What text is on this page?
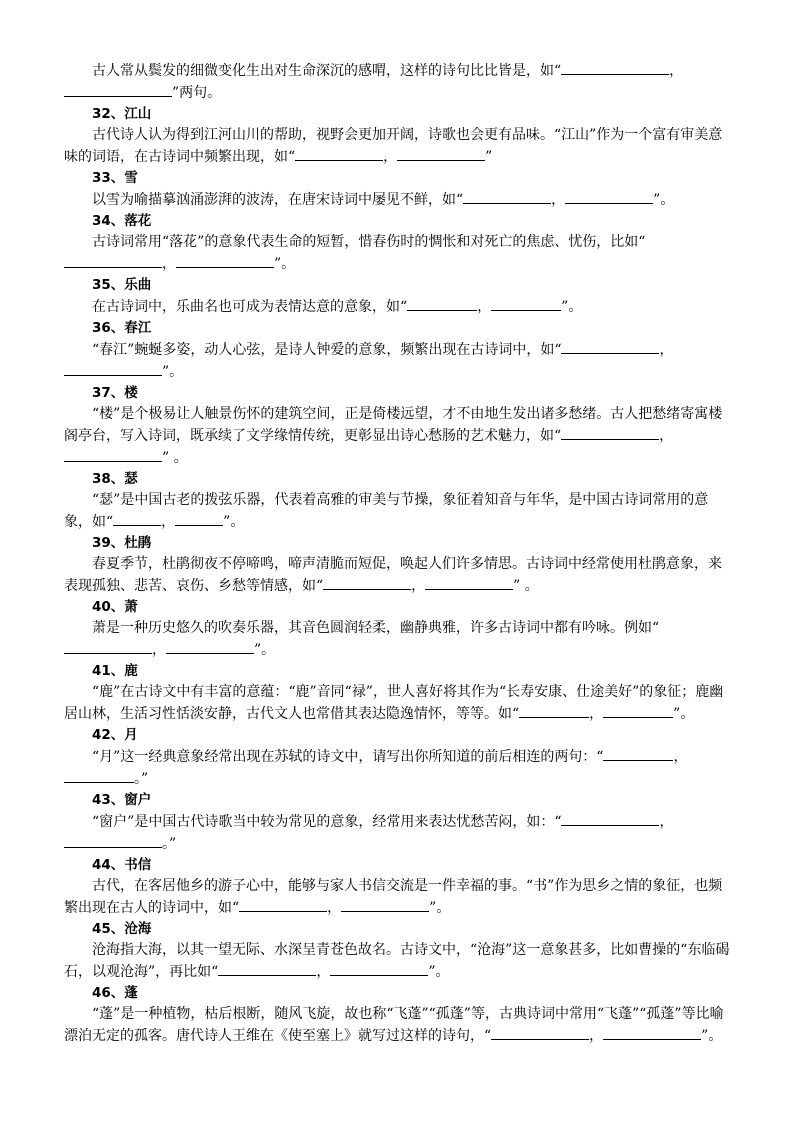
古人常从鬓发的细微变化生出对生命深沉的感喟，这样的诗句比比皆是，如“	，”两句。

32、江山

古代诗人认为得到江河山川的帮助，视野会更加开阔，诗歌也会更有品味。“江山”作为一个富有审美意味的词语，在古诗词中频繁出现，如“	，	”

33、雪

以雪为喻描摹汹涌澎湃的波涛，在唐宋诗词中屡见不鲜，如“	，	”。

34、落花

古诗词常用“落花”的意象代表生命的短暂，惜春伤时的惆怅和对死亡的焦虑、忧伤，比如“，	”。

35、乐曲

在古诗词中，乐曲名也可成为表情达意的意象，如“	，	”。

36、春江

“春江”蜿蜒多姿，动人心弦，是诗人钟爱的意象，频繁出现在古诗词中，如“	，”。

37、楼

“楼”是个极易让人触景伤怀的建筑空间，正是倚楼远望，才不由地生发出诸多愁绪。古人把愁绪寄寓楼阁亭台，写入诗词，既承续了文学缘情传统，更彰显出诗心愁肠的艺术魅力，如“	，” 。

38、瑟

“瑟”是中国古老的拨弦乐器，代表着高雅的审美与节操，象征着知音与年华，是中国古诗词常用的意象，如“	，	”。

39、杜鹃

春夏季节，杜鹃彻夜不停啼鸣，啼声清脆而短促，唤起人们许多情思。古诗词中经常使用杜鹃意象，来表现孤独、悲苦、哀伤、乡愁等情感，如“	，	” 。

40、萧

萧是一种历史悠久的吹奏乐器，其音色圆润轻柔，幽静典雅，许多古诗词中都有吟咏。例如“，	”。

41、鹿

“鹿”在古诗文中有丰富的意蕴：“鹿”音同“禄”，世人喜好将其作为“长寿安康、仕途美好”的象征；鹿幽居山林，生活习性恬淡安静，古代文人也常借其表达隐逸情怀，等等。如“	，	”。

42、月

“月”这一经典意象经常出现在苏轼的诗文中，请写出你所知道的前后相连的两句：“	，。”

43、窗户

“窗户”是中国古代诗歌当中较为常见的意象，经常用来表达忧愁苦闷，如：“	，。”

44、书信

古代，在客居他乡的游子心中，能够与家人书信交流是一件幸福的事。“书”作为思乡之情的象征，也频繁出现在古人的诗词中，如“	，	”。

45、沧海

沧海指大海，以其一望无际、水深呈青苍色故名。古诗文中，“沧海”这一意象甚多，比如曹操的“东临碣石，以观沧海”，再比如“	，	”。

46、蓬

“蓬”是一种植物，枯后根断，随风飞旋，故也称“飞蓬”“孤蓬”等，古典诗词中常用“飞蓬”“孤蓬”等比喻漂泊无定的孤客。唐代诗人王维在《使至塞上》就写过这样的诗句，“	，	”。
